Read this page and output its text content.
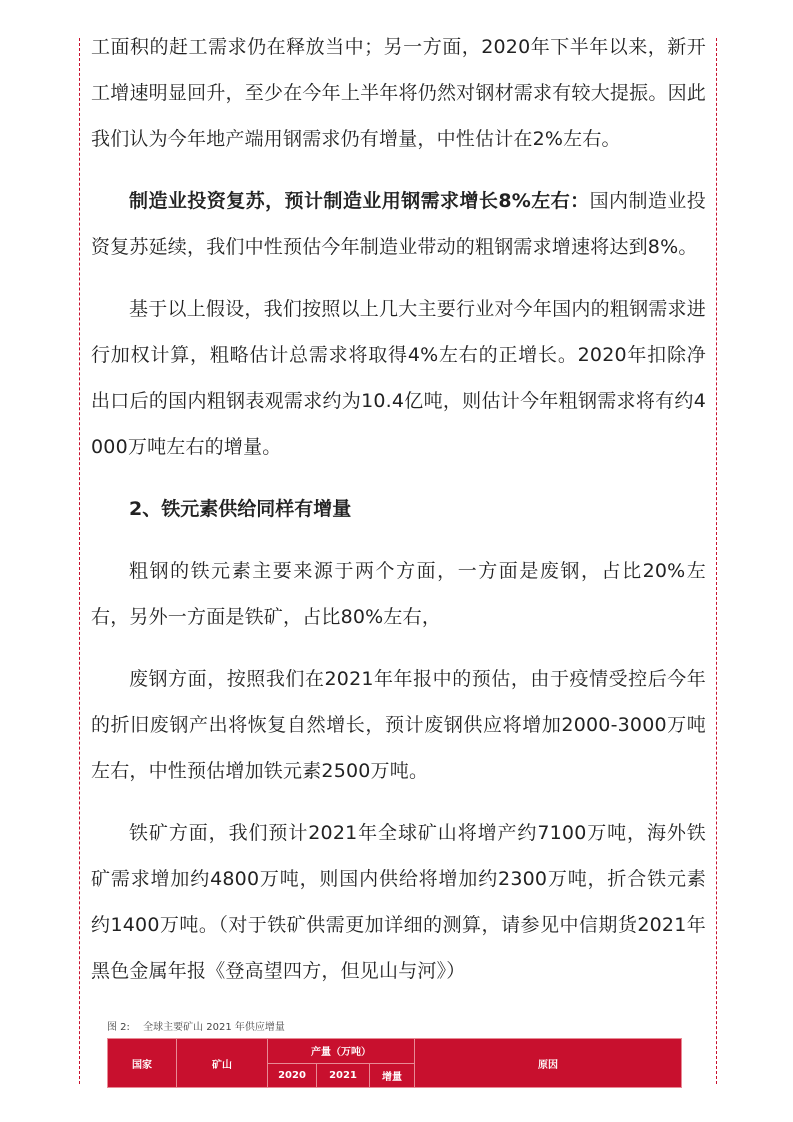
工面积的赶工需求仍在释放当中；另一方面，2020年下半年以来，新开工增速明显回升，至少在今年上半年将仍然对钢材需求有较大提振。因此我们认为今年地产端用钢需求仍有增量，中性估计在2%左右。

制造业投资复苏，预计制造业用钢需求增长8%左右：国内制造业投资复苏延续，我们中性预估今年制造业带动的粗钢需求增速将达到8%。

基于以上假设，我们按照以上几大主要行业对今年国内的粗钢需求进行加权计算，粗略估计总需求将取得4%左右的正增长。2020年扣除净出口后的国内粗钢表观需求约为10.4亿吨，则估计今年粗钢需求将有约4000万吨左右的增量。

2、铁元素供给同样有增量

粗钢的铁元素主要来源于两个方面，一方面是废钢，占比20%左右，另外一方面是铁矿，占比80%左右，

废钢方面，按照我们在2021年年报中的预估，由于疫情受控后今年的折旧废钢产出将恢复自然增长，预计废钢供应将增加2000-3000万吨左右，中性预估增加铁元素2500万吨。

铁矿方面，我们预计2021年全球矿山将增产约7100万吨，海外铁矿需求增加约4800万吨，则国内供给将增加约2300万吨，折合铁元素约1400万吨。（对于铁矿供需更加详细的测算，请参见中信期货2021年黑色金属年报《登高望四方，但见山与河》）

图 2: 全球主要矿山 2021 年供应增量
国家	矿山	产量（万吨）			原因
		2020	2021	增量	
